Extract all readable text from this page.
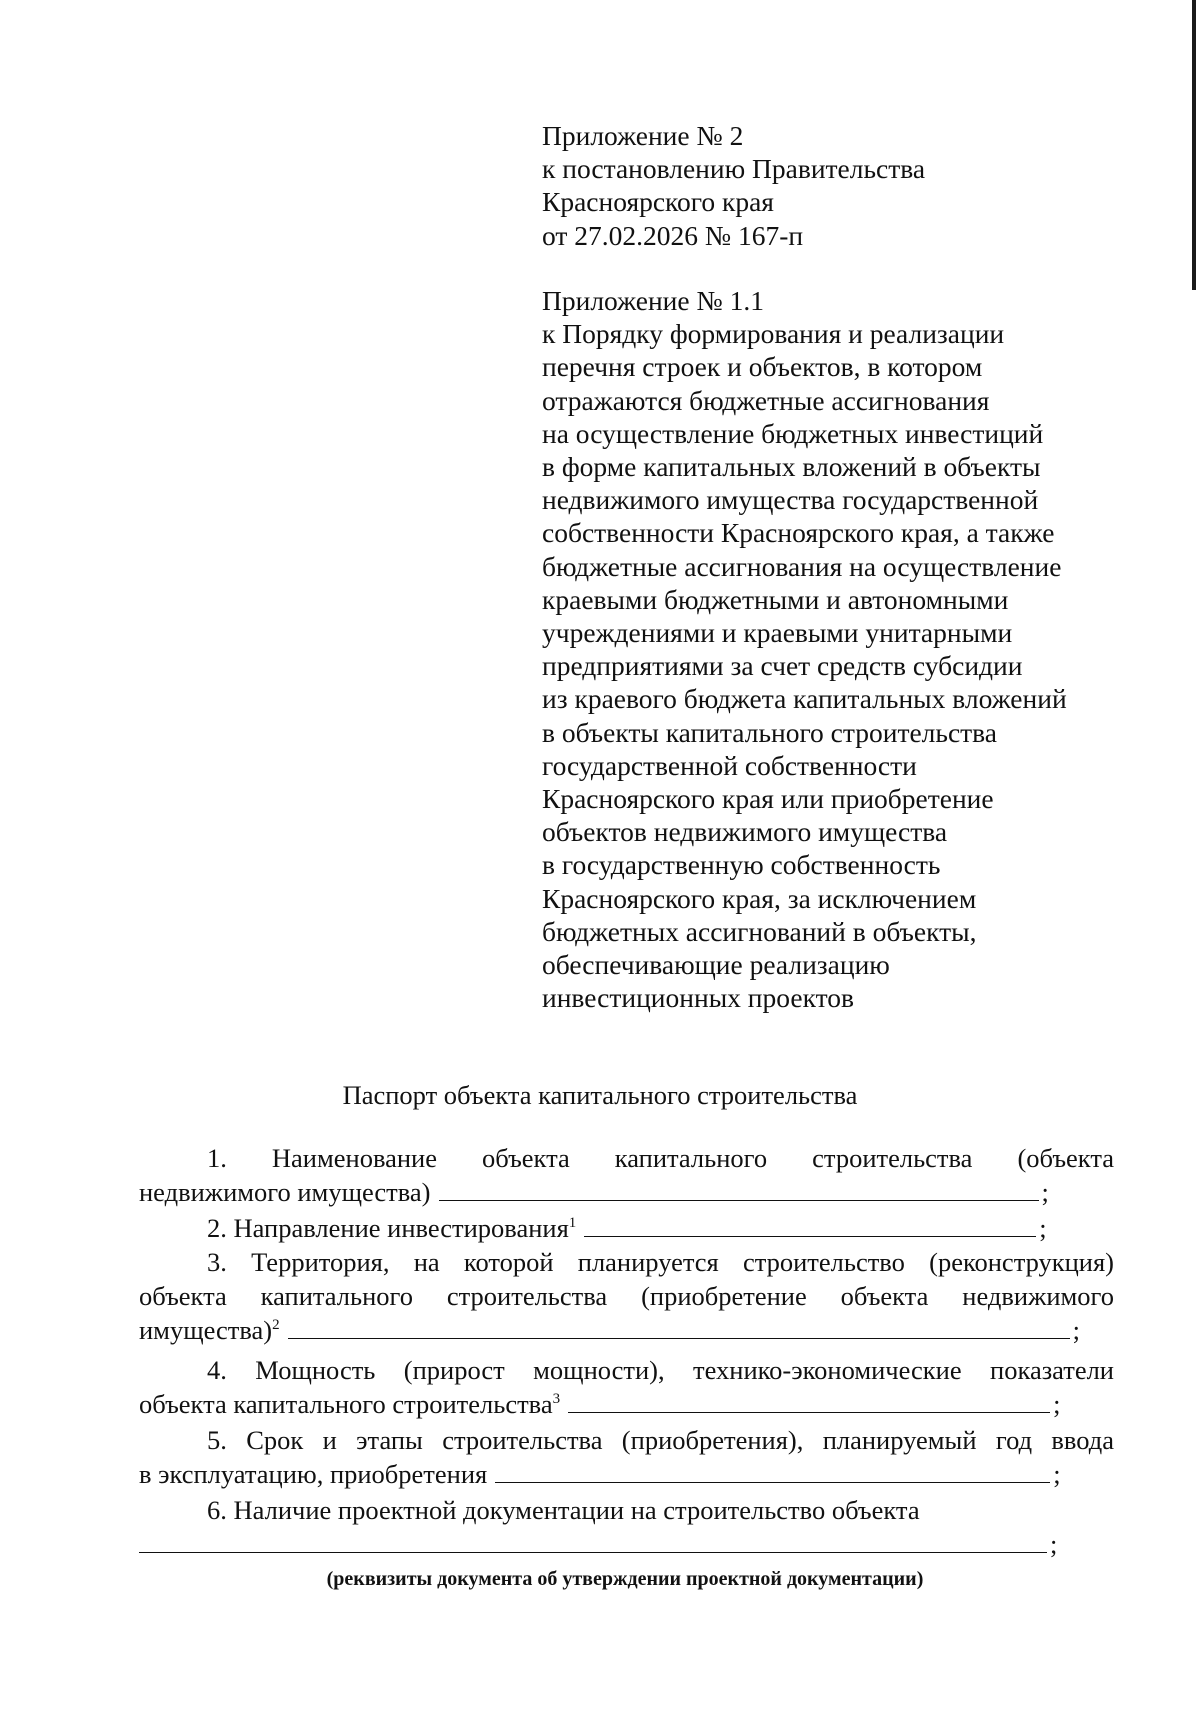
Приложение № 2
к постановлению Правительства
Красноярского края
от 27.02.2026 № 167-п
Приложение № 1.1
к Порядку формирования и реализации
перечня строек и объектов, в котором
отражаются бюджетные ассигнования
на осуществление бюджетных инвестиций
в форме капитальных вложений в объекты
недвижимого имущества государственной
собственности Красноярского края, а также
бюджетные ассигнования на осуществление
краевыми бюджетными и автономными
учреждениями и краевыми унитарными
предприятиями за счет средств субсидии
из краевого бюджета капитальных вложений
в объекты капитального строительства
государственной собственности
Красноярского края или приобретение
объектов недвижимого имущества
в государственную собственность
Красноярского края, за исключением
бюджетных ассигнований в объекты,
обеспечивающие реализацию
инвестиционных проектов
Паспорт объекта капитального строительства
1. Наименование объекта капитального строительства (объекта
недвижимого имущества)	;
2. Направление инвестирования$^1$	;
3. Территория, на которой планируется строительство (реконструкция)
объекта капитального строительства (приобретение объекта недвижимого
имущества)$^2$	;
4. Мощность (прирост мощности), технико-экономические показатели
объекта капитального строительства$^3$	;
5. Срок и этапы строительства (приобретения), планируемый год ввода
в эксплуатацию, приобретения	;
6. Наличие проектной документации на строительство объекта
;
(реквизиты документа об утверждении проектной документации)
